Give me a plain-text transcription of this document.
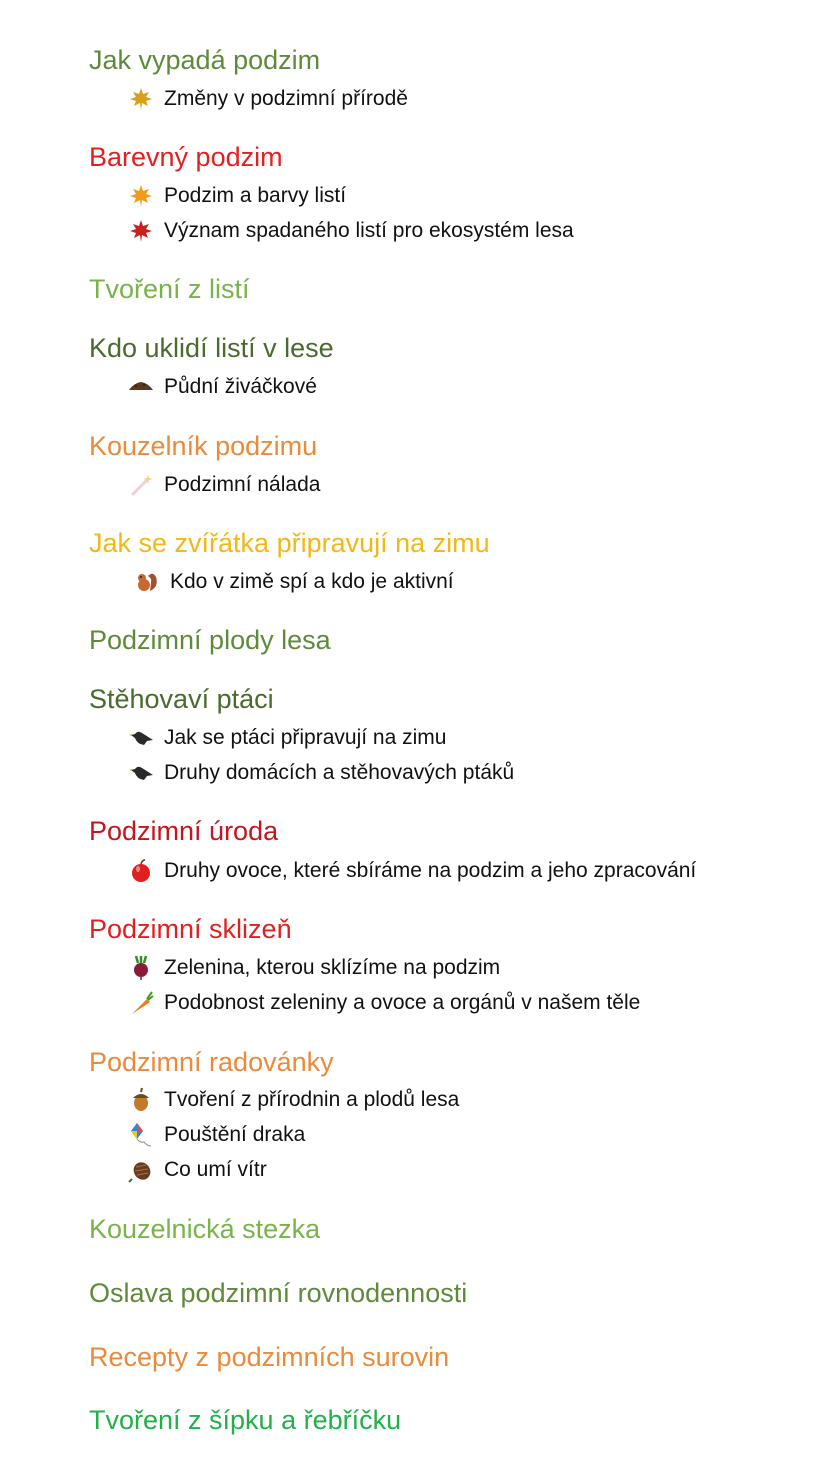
Jak vypadá podzim
Barevný podzim
Tvoření z listí
Kdo uklidí listí v lese
Kouzelník podzimu
Jak se zvířátka připravují na zimu
Podzimní plody lesa
Stěhovaví ptáci
Podzimní úroda
Podzimní sklizeň
Podzimní radovánky
Kouzelnická stezka
Oslava podzimní rovnodennosti
Recepty z podzimních surovin
Tvoření z šípku a řebříčku
Změny v podzimní přírodě
Podzim a barvy listí
Význam spadaného listí pro ekosystém lesa
Půdní živáčkové
Podzimní nálada
Kdo v zimě spí a kdo je aktivní
Jak se ptáci připravují na zimu
Druhy domácích a stěhovavých ptáků
Druhy ovoce, které sbíráme na podzim a jeho zpracování
Zelenina, kterou sklízíme na podzim
Podobnost zeleniny a ovoce a orgánů v našem těle
Tvoření z přírodnin a plodů lesa
Pouštění draka
Co umí vítr
